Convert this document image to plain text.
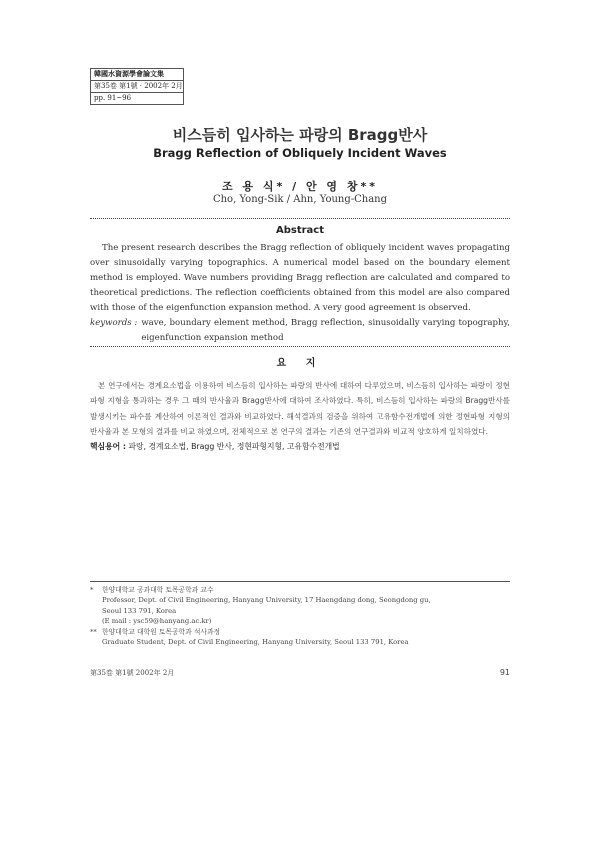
韓國水資源學會論文集
第35卷 第1號 · 2002年 2月
pp. 91~96
비스듬히 입사하는 파랑의 Bragg반사
Bragg Reflection of Obliquely Incident Waves
조 용 식* / 안 영 창**
Cho, Yong-Sik / Ahn, Young-Chang
Abstract

The present research describes the Bragg reflection of obliquely incident waves propagating over sinusoidally varying topographics. A numerical model based on the boundary element method is employed. Wave numbers providing Bragg reflection are calculated and compared to theoretical predictions. The reflection coefficients obtained from this model are also compared with those of the eigenfunction expansion method. A very good agreement is observed.

keywords : wave, boundary element method, Bragg reflection, sinusoidally varying topography, eigenfunction expansion method
요 지

본 연구에서는 경계요소법을 이용하여 비스듬히 입사하는 파랑의 반사에 대하여 다루었으며, 비스듬히 입사하는 파랑이 정현파형 지형을 통과하는 경우 그 때의 반사율과 Bragg반사에 대하여 조사하였다. 특히, 비스듬히 입사하는 파랑의 Bragg반사를 발생시키는 파수를 계산하여 이론적인 결과와 비교하였다. 해석결과의 검증을 위하여 고유함수전개법에 의한 정현파형 지형의 반사율과 본 모형의 결과를 비교 하였으며, 전체적으로 본 연구의 결과는 기존의 연구결과와 비교적 양호하게 일치하였다.

핵심용어 : 파랑, 경계요소법, Bragg 반사, 정현파형지형, 고유함수전개법
*	한양대학교 공과대학 토목공학과 교수
Professor, Dept. of Civil Engineering, Hanyang University, 17 Haengdang dong, Seongdong gu,
Seoul 133 791, Korea
(E mail : ysc59@hanyang.ac.kr)
** 한양대학교 대학원 토목공학과 석사과정
Graduate Student, Dept. of Civil Engineering, Hanyang University, Seoul 133 791, Korea
第35卷 第1號 2002年 2月	91
